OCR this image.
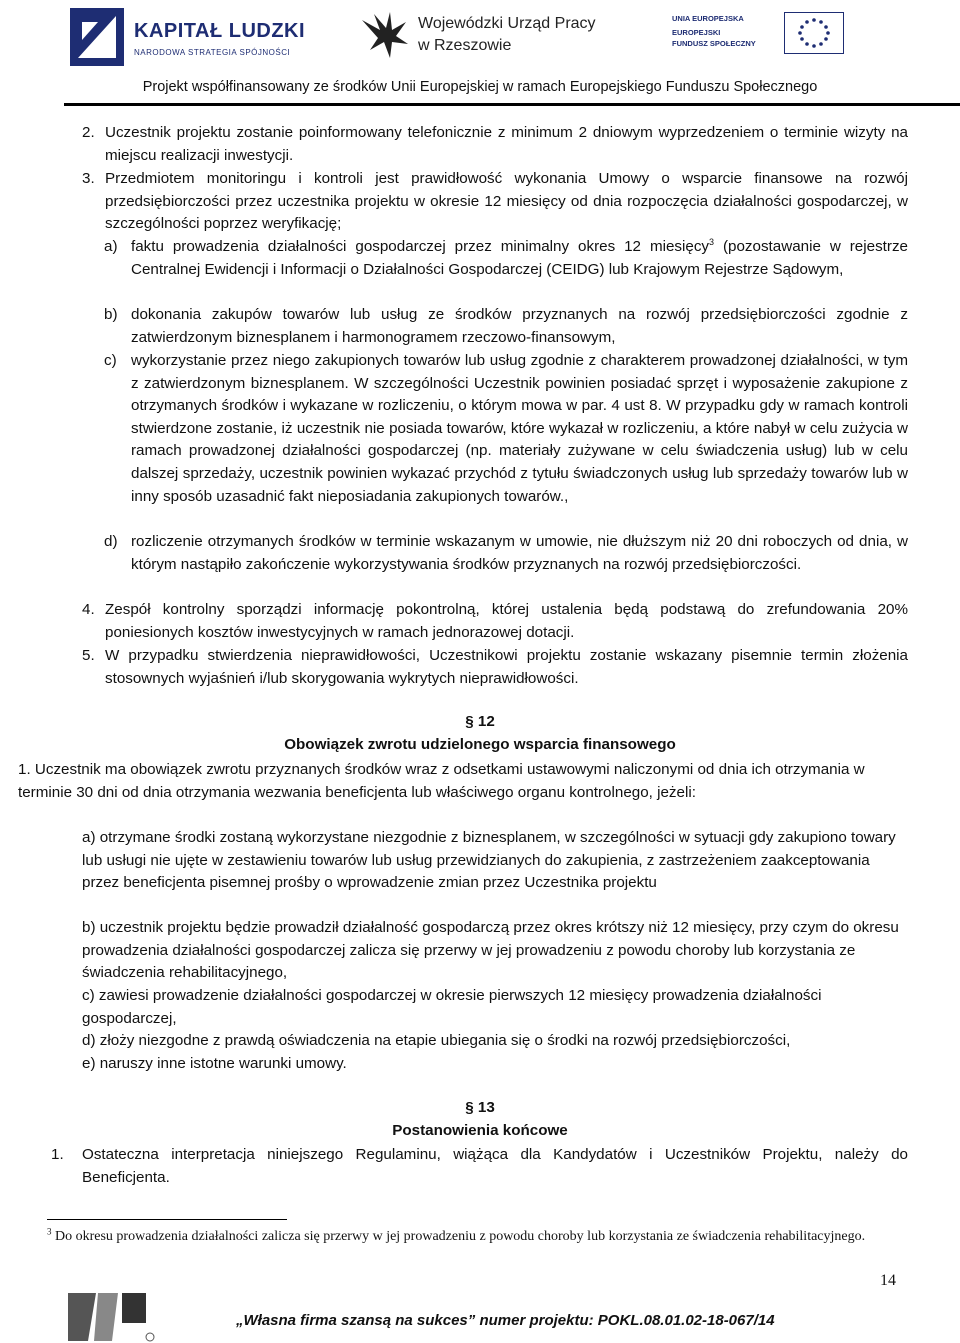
KAPITAŁ LUDZKI
NARODOWA STRATEGIA SPÓJNOŚCI
Wojewódzki Urząd Pracy
w Rzeszowie
UNIA EUROPEJSKA
EUROPEJSKI
FUNDUSZ SPOŁECZNY
Projekt współfinansowany ze środków Unii Europejskiej w ramach Europejskiego Funduszu Społecznego
2. Uczestnik projektu zostanie poinformowany telefonicznie z minimum 2 dniowym wyprzedzeniem o terminie wizyty na miejscu realizacji inwestycji.
3. Przedmiotem monitoringu i kontroli jest prawidłowość wykonania Umowy o wsparcie finansowe na rozwój przedsiębiorczości przez uczestnika projektu w okresie 12 miesięcy od dnia rozpoczęcia działalności gospodarczej, w szczególności poprzez weryfikację;
a) faktu prowadzenia działalności gospodarczej przez minimalny okres 12 miesięcy$^3$ (pozostawanie w rejestrze Centralnej Ewidencji i Informacji o Działalności Gospodarczej (CEIDG) lub Krajowym Rejestrze Sądowym,
b) dokonania zakupów towarów lub usług ze środków przyznanych na rozwój przedsiębiorczości zgodnie z zatwierdzonym biznesplanem i harmonogramem rzeczowo-finansowym,
c) wykorzystanie przez niego zakupionych towarów lub usług zgodnie z charakterem prowadzonej działalności, w tym z zatwierdzonym biznesplanem. W szczególności Uczestnik powinien posiadać sprzęt i wyposażenie zakupione z otrzymanych środków i wykazane w rozliczeniu, o którym mowa w par. 4 ust 8. W przypadku gdy w ramach kontroli stwierdzone zostanie, iż uczestnik nie posiada towarów, które wykazał w rozliczeniu, a które nabył w celu zużycia w ramach prowadzonej działalności gospodarczej (np. materiały zużywane w celu świadczenia usług) lub w celu dalszej sprzedaży, uczestnik powinien wykazać przychód z tytułu świadczonych usług lub sprzedaży towarów lub w inny sposób uzasadnić fakt nieposiadania zakupionych towarów.,
d) rozliczenie otrzymanych środków w terminie wskazanym w umowie, nie dłuższym niż 20 dni roboczych od dnia, w którym nastąpiło zakończenie wykorzystywania środków przyznanych na rozwój przedsiębiorczości.
4. Zespół kontrolny sporządzi informację pokontrolną, której ustalenia będą podstawą do zrefundowania 20% poniesionych kosztów inwestycyjnych w ramach jednorazowej dotacji.
5. W przypadku stwierdzenia nieprawidłowości, Uczestnikowi projektu zostanie wskazany pisemnie termin złożenia stosownych wyjaśnień i/lub skorygowania wykrytych nieprawidłowości.
§ 12
Obowiązek zwrotu udzielonego wsparcia finansowego
1. Uczestnik ma obowiązek zwrotu przyznanych środków wraz z odsetkami ustawowymi naliczonymi od dnia ich otrzymania w terminie 30 dni od dnia otrzymania wezwania beneficjenta lub właściwego organu kontrolnego, jeżeli:
a) otrzymane środki zostaną wykorzystane niezgodnie z biznesplanem, w szczególności w sytuacji gdy zakupiono towary lub usługi nie ujęte w zestawieniu towarów lub usług przewidzianych do zakupienia, z zastrzeżeniem zaakceptowania przez beneficjenta pisemnej prośby o wprowadzenie zmian przez Uczestnika projektu
b) uczestnik projektu będzie prowadził działalność gospodarczą przez okres krótszy niż 12 miesięcy, przy czym do okresu prowadzenia działalności gospodarczej zalicza się przerwy w jej prowadzeniu z powodu choroby lub korzystania ze świadczenia rehabilitacyjnego,
c) zawiesi prowadzenie działalności gospodarczej w okresie pierwszych 12 miesięcy prowadzenia działalności gospodarczej,
d) złoży niezgodne z prawdą oświadczenia na etapie ubiegania się o środki na rozwój przedsiębiorczości,
e) naruszy inne istotne warunki umowy.
§ 13
Postanowienia końcowe
1. Ostateczna interpretacja niniejszego Regulaminu, wiążąca dla Kandydatów i Uczestników Projektu, należy do Beneficjenta.
$^3$ Do okresu prowadzenia działalności zalicza się przerwy w jej prowadzeniu z powodu choroby lub korzystania ze świadczenia rehabilitacyjnego.
14
„Własna firma szansą na sukces” numer projektu: POKL.08.01.02-18-067/14
